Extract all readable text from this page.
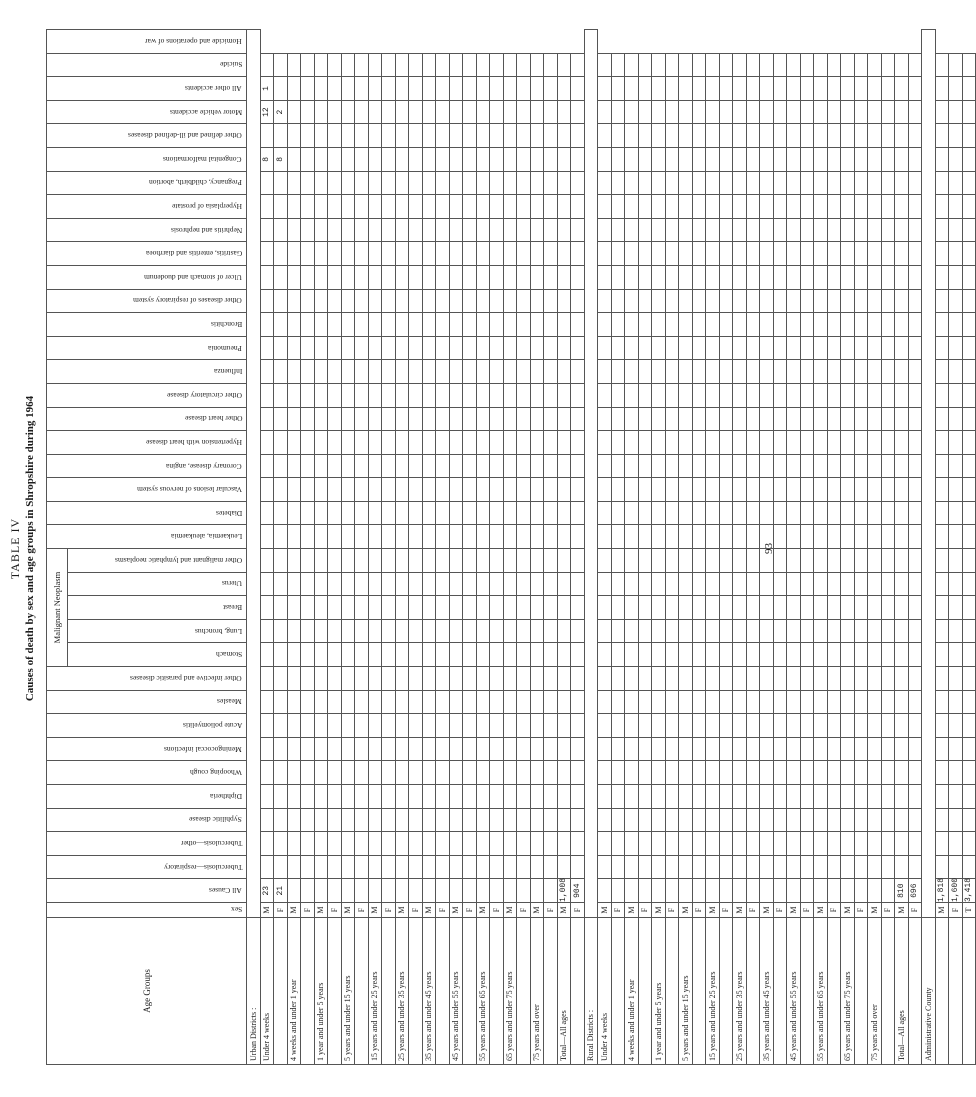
TABLE IV Causes of death by sex and age groups in Shropshire during 1964
Age Groups	Sex	All Causes	Tuberculosis—respiratory	Tuberculosis—other	Syphilitic disease	Diphtheria	Whooping cough	Meningococcal infections	Acute poliomyelitis	Measles	Other infective and parasitic diseases	Malignant Neoplasm					Leukaemia, aleukaemia	Diabetes	Vascular lesions of nervous system	Coronary disease, angina	Hypertension with heart disease	Other heart disease	Other circulatory disease	Influenza	Pneumonia	Bronchitis	Other diseases of respiratory system	Ulcer of stomach and duodenum	Gastritis, enteritis and diarrhoea	Nephritis and nephrosis	Hyperplasia of prostate	Pregnancy, childbirth, abortion	Congenital malformations	Other defined and ill-defined diseases	Motor vehicle accidents	All other accidents	Suicide	Homicide and operations of war
												Stomach	Lung, bronchus	Breast	Uterus	Other malignant and lymphatic neoplasms																						
Urban Districts :																																						
Under 4 weeks	M	23																															8		12	1		
	F	21																															8		2			
4 weeks and under 1 year	M																																					
	F																																					
1 year and under 5 years	M																																					
	F																																					
5 years and under 15 years	M																																					
	F																																					
15 years and under 25 years	M																																					
	F																																					
25 years and under 35 years	M																																					
	F																																					
35 years and under 45 years	M																																					
	F																																					
45 years and under 55 years	M																																					
	F																																					
55 years and under 65 years	M																																					
	F																																					
65 years and under 75 years	M																																					
	F																																					
75 years and over	M																																					
	F																																					
Total—All ages	M	1,008																																				
	F	904																																				
Rural Districts :																																						
Under 4 weeks	M																																					
	F																																					
4 weeks and under 1 year	M																																					
	F																																					
1 year and under 5 years	M																																					
	F																																					
5 years and under 15 years	M																																					
	F																																					
15 years and under 25 years	M																																					
	F																																					
25 years and under 35 years	M																																					
	F																																					
35 years and under 45 years	M																																					
	F																																					
45 years and under 55 years	M																																					
	F																																					
55 years and under 65 years	M																																					
	F																																					
65 years and under 75 years	M																																					
	F																																					
75 years and over	M																																					
	F																																					
Total—All ages	M	810																																				
	F	696																																				
Administrative County																																						
	M	1,818																																				
	F	1,600																																				
	T	3,418																																				
93
